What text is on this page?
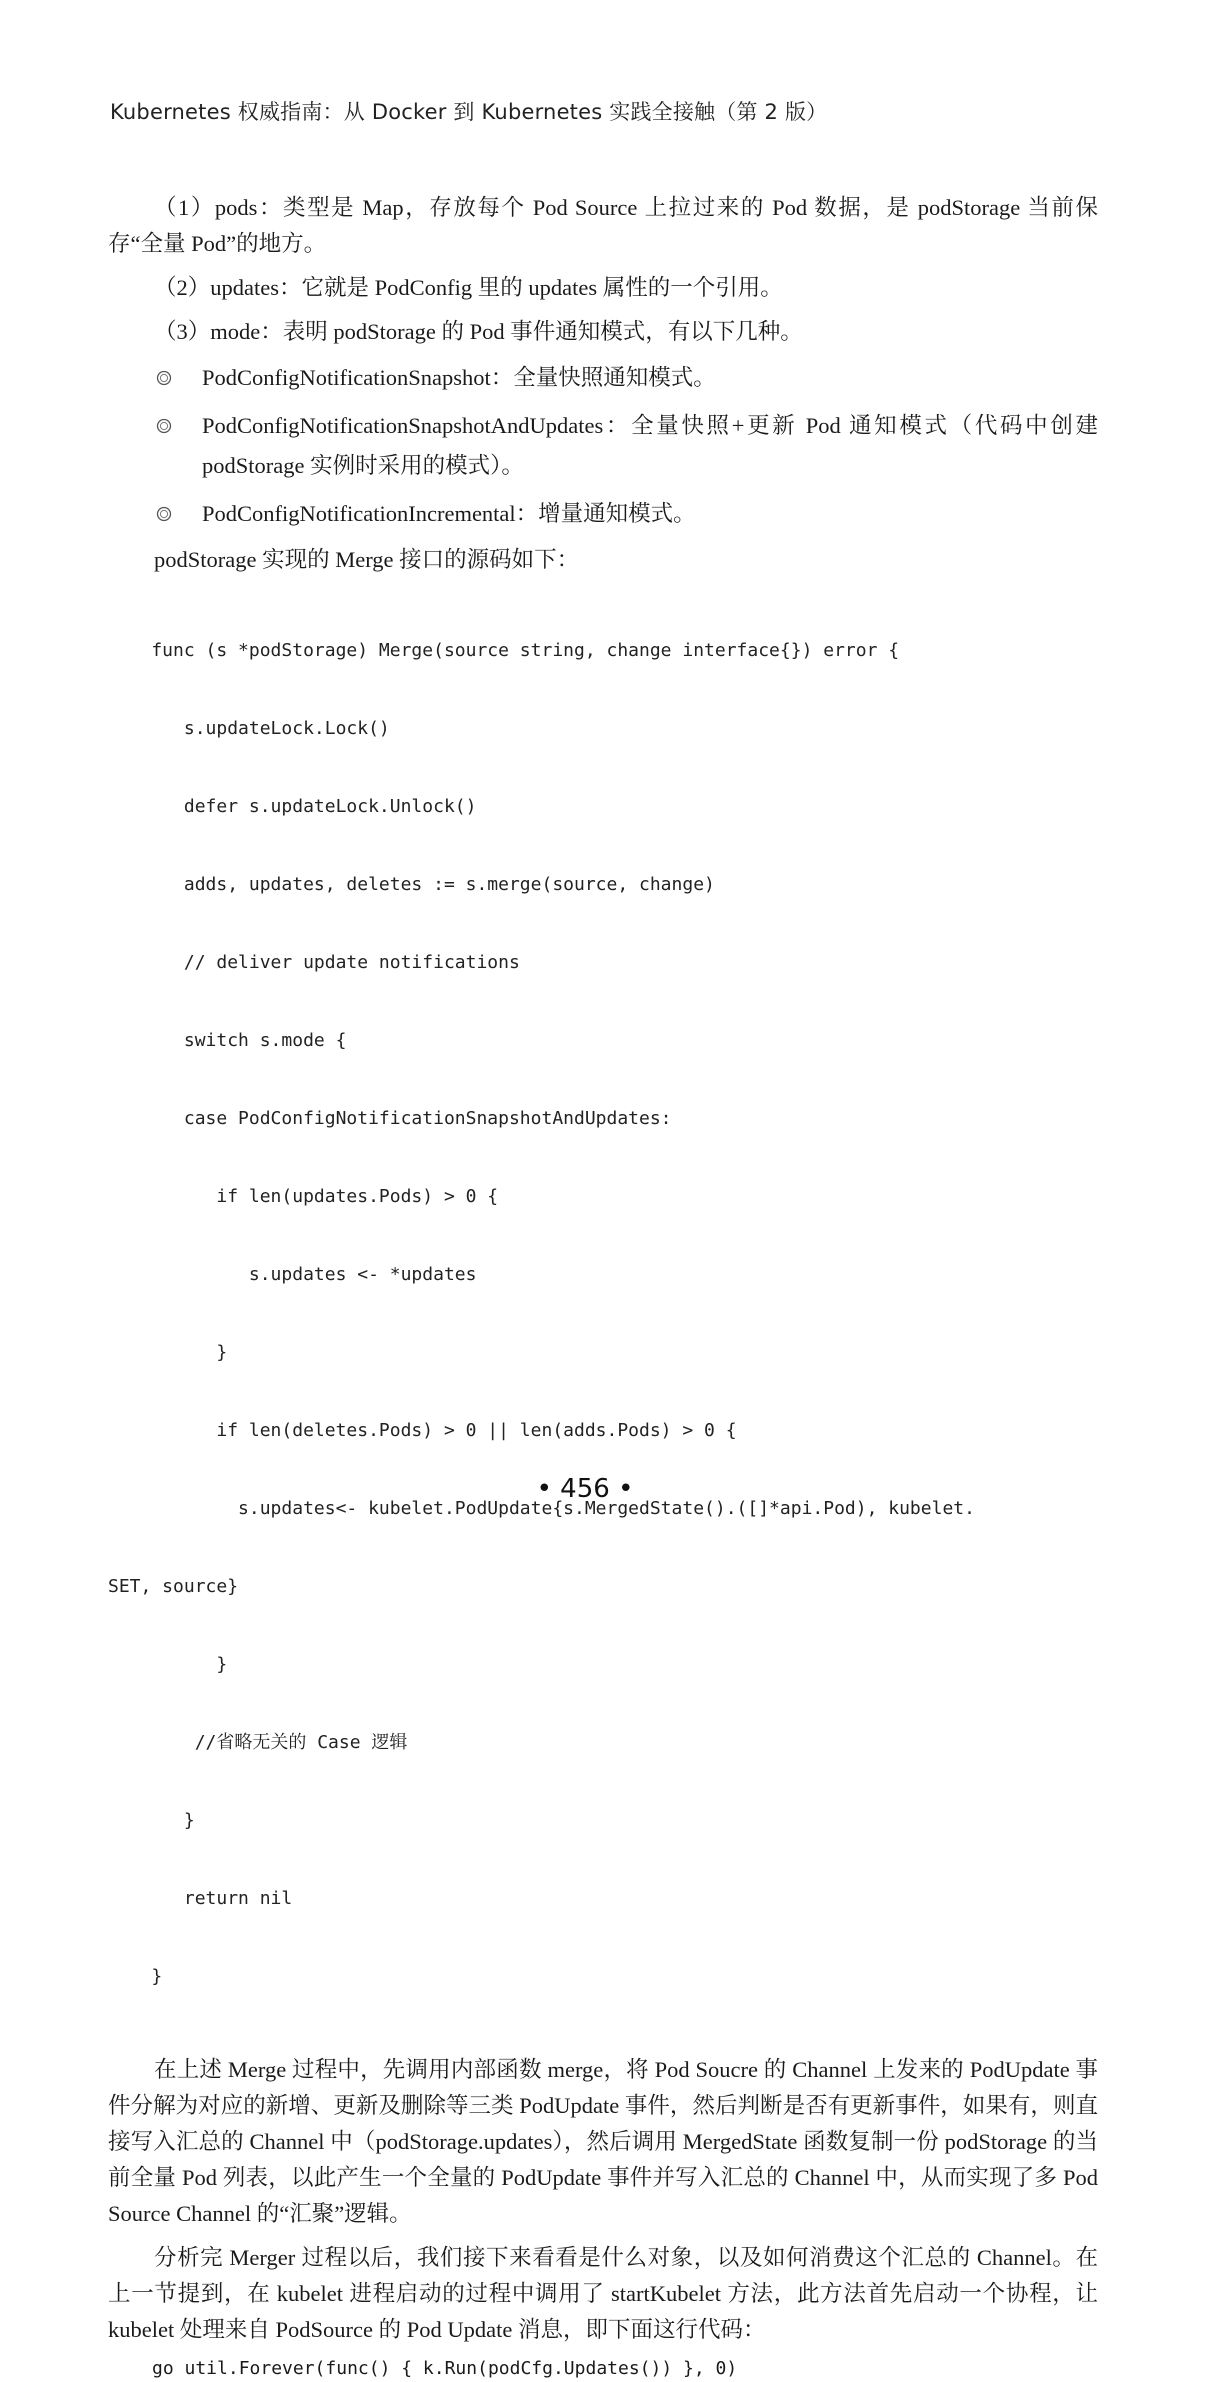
Kubernetes 权威指南：从 Docker 到 Kubernetes 实践全接触（第 2 版）

（1）pods：类型是 Map，存放每个 Pod Source 上拉过来的 Pod 数据，是 podStorage 当前保存“全量 Pod”的地方。

（2）updates：它就是 PodConfig 里的 updates 属性的一个引用。

（3）mode：表明 podStorage 的 Pod 事件通知模式，有以下几种。

PodConfigNotificationSnapshot：全量快照通知模式。
PodConfigNotificationSnapshotAndUpdates：全量快照+更新 Pod 通知模式（代码中创建 podStorage 实例时采用的模式）。
PodConfigNotificationIncremental：增量通知模式。

podStorage 实现的 Merge 接口的源码如下：

func (s *podStorage) Merge(source string, change interface{}) error {

s.updateLock.Lock()

defer s.updateLock.Unlock()

adds, updates, deletes := s.merge(source, change)

// deliver update notifications

switch s.mode {

case PodConfigNotificationSnapshotAndUpdates:

if len(updates.Pods) > 0 {

s.updates <- *updates

}

if len(deletes.Pods) > 0 || len(adds.Pods) > 0 {

s.updates<- kubelet.PodUpdate{s.MergedState().([]*api.Pod), kubelet.

SET, source}

}

//省略无关的 Case 逻辑

}

return nil

}

在上述 Merge 过程中，先调用内部函数 merge，将 Pod Soucre 的 Channel 上发来的 PodUpdate 事件分解为对应的新增、更新及删除等三类 PodUpdate 事件，然后判断是否有更新事件，如果有，则直接写入汇总的 Channel 中（podStorage.updates），然后调用 MergedState 函数复制一份 podStorage 的当前全量 Pod 列表，以此产生一个全量的 PodUpdate 事件并写入汇总的 Channel 中，从而实现了多 Pod Source Channel 的“汇聚”逻辑。

分析完 Merger 过程以后，我们接下来看看是什么对象，以及如何消费这个汇总的 Channel。在上一节提到，在 kubelet 进程启动的过程中调用了 startKubelet 方法，此方法首先启动一个协程，让 kubelet 处理来自 PodSource 的 Pod Update 消息，即下面这行代码：

go util.Forever(func() { k.Run(podCfg.Updates()) }, 0)
• 456 •
